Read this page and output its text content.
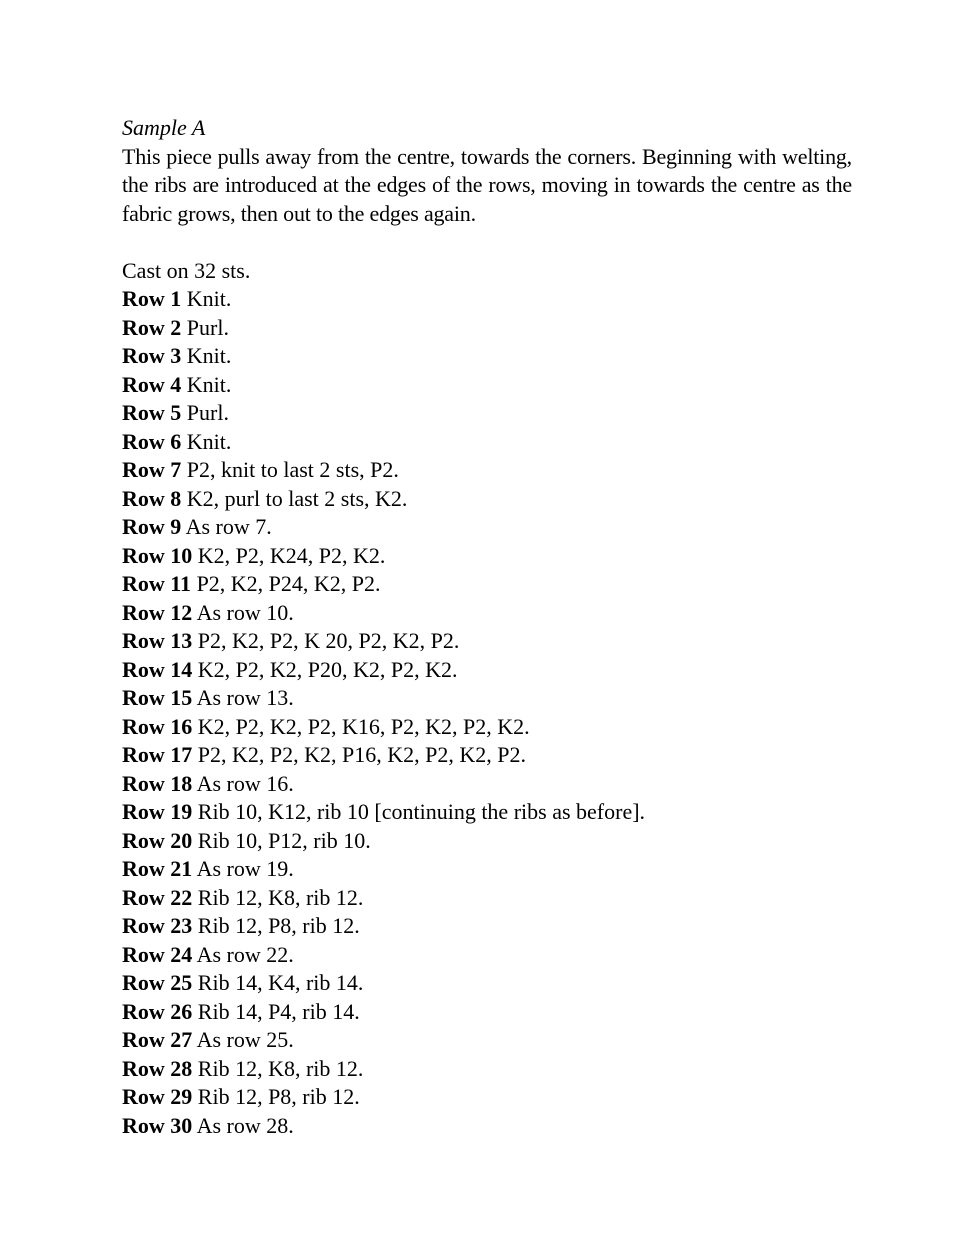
Sample A

This piece pulls away from the centre, towards the corners. Beginning with welting, the ribs are introduced at the edges of the rows, moving in towards the centre as the fabric grows, then out to the edges again.

Cast on 32 sts.

Row 1 Knit.
Row 2 Purl.
Row 3 Knit.
Row 4 Knit.
Row 5 Purl.
Row 6 Knit.
Row 7 P2, knit to last 2 sts, P2.
Row 8 K2, purl to last 2 sts, K2.
Row 9 As row 7.
Row 10 K2, P2, K24, P2, K2.
Row 11 P2, K2, P24, K2, P2.
Row 12 As row 10.
Row 13 P2, K2, P2, K 20, P2, K2, P2.
Row 14 K2, P2, K2, P20, K2, P2, K2.
Row 15 As row 13.
Row 16 K2, P2, K2, P2, K16, P2, K2, P2, K2.
Row 17 P2, K2, P2, K2, P16, K2, P2, K2, P2.
Row 18 As row 16.
Row 19 Rib 10, K12, rib 10 [continuing the ribs as before].
Row 20 Rib 10, P12, rib 10.
Row 21 As row 19.
Row 22 Rib 12, K8, rib 12.
Row 23 Rib 12, P8, rib 12.
Row 24 As row 22.
Row 25 Rib 14, K4, rib 14.
Row 26 Rib 14, P4, rib 14.
Row 27 As row 25.
Row 28 Rib 12, K8, rib 12.
Row 29 Rib 12, P8, rib 12.
Row 30 As row 28.
